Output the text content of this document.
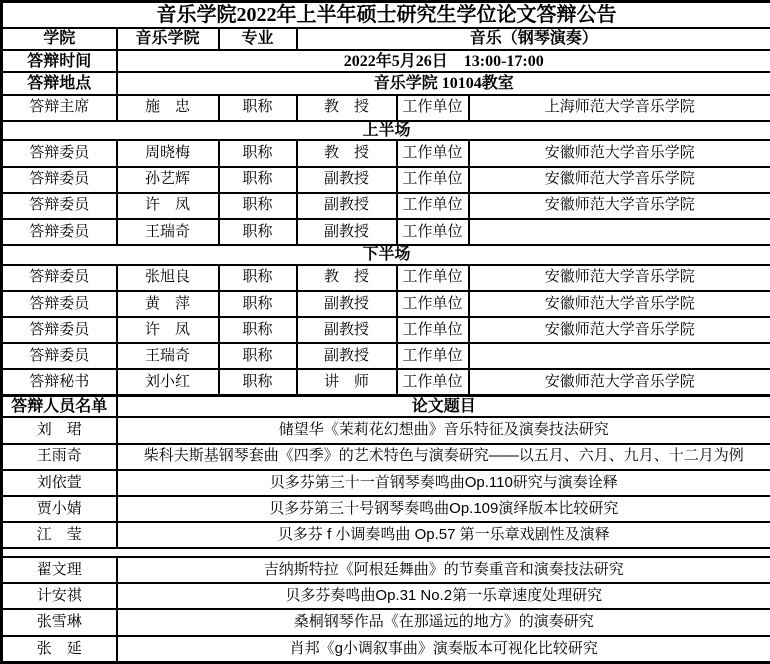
音乐学院2022年上半年硕士研究生学位论文答辩公告					
学院	音乐学院	专业	音乐（钢琴演奏）		
答辩时间	2022年5月26日　13:00-17:00				
答辩地点	音乐学院 10104教室				
答辩主席	施　忠	职称	教　授	工作单位	上海师范大学音乐学院
上半场					
答辩委员	周晓梅	职称	教　授	工作单位	安徽师范大学音乐学院
答辩委员	孙艺辉	职称	副教授	工作单位	安徽师范大学音乐学院
答辩委员	许　凤	职称	副教授	工作单位	安徽师范大学音乐学院
答辩委员	王瑞奇	职称	副教授	工作单位	
下半场					
答辩委员	张旭良	职称	教　授	工作单位	安徽师范大学音乐学院
答辩委员	黄　萍	职称	副教授	工作单位	安徽师范大学音乐学院
答辩委员	许　凤	职称	副教授	工作单位	安徽师范大学音乐学院
答辩委员	王瑞奇	职称	副教授	工作单位	
答辩秘书	刘小红	职称	讲　师	工作单位	安徽师范大学音乐学院
答辩人员名单	论文题目				
刘　珺	储望华《茉莉花幻想曲》音乐特征及演奏技法研究				
王雨奇	柴科夫斯基钢琴套曲《四季》的艺术特色与演奏研究——以五月、六月、九月、十二月为例				
刘依萱	贝多芬第三十一首钢琴奏鸣曲Op.110研究与演奏诠释				
贾小婧	贝多芬第三十号钢琴奏鸣曲Op.109演绎版本比较研究				
江　莹	贝多芬 f 小调奏鸣曲 Op.57 第一乐章戏剧性及演释				

翟文理	吉纳斯特拉《阿根廷舞曲》的节奏重音和演奏技法研究				
计安祺	贝多芬奏鸣曲Op.31 No.2第一乐章速度处理研究				
张雪琳	桑桐钢琴作品《在那遥远的地方》的演奏研究				
张　延	肖邦《g小调叙事曲》演奏版本可视化比较研究				
